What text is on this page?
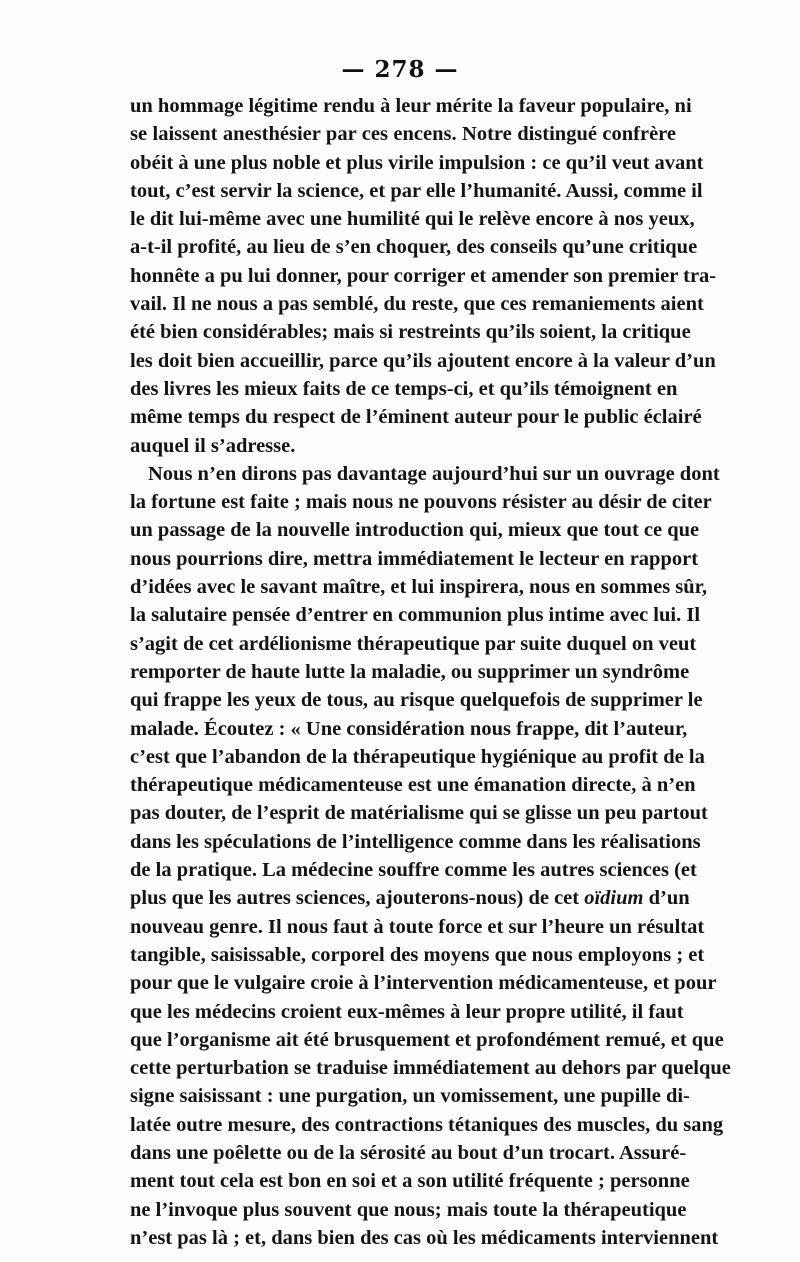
— 278 —
un hommage légitime rendu à leur mérite la faveur populaire, ni
se laissent anesthésier par ces encens. Notre distingué confrère
obéit à une plus noble et plus virile impulsion : ce qu’il veut avant
tout, c’est servir la science, et par elle l’humanité. Aussi, comme il
le dit lui-même avec une humilité qui le relève encore à nos yeux,
a-t-il profité, au lieu de s’en choquer, des conseils qu’une critique
honnête a pu lui donner, pour corriger et amender son premier tra-
vail. Il ne nous a pas semblé, du reste, que ces remaniements aient
été bien considérables; mais si restreints qu’ils soient, la critique
les doit bien accueillir, parce qu’ils ajoutent encore à la valeur d’un
des livres les mieux faits de ce temps-ci, et qu’ils témoignent en
même temps du respect de l’éminent auteur pour le public éclairé
auquel il s’adresse.
Nous n’en dirons pas davantage aujourd’hui sur un ouvrage dont
la fortune est faite ; mais nous ne pouvons résister au désir de citer
un passage de la nouvelle introduction qui, mieux que tout ce que
nous pourrions dire, mettra immédiatement le lecteur en rapport
d’idées avec le savant maître, et lui inspirera, nous en sommes sûr,
la salutaire pensée d’entrer en communion plus intime avec lui. Il
s’agit de cet ardélionisme thérapeutique par suite duquel on veut
remporter de haute lutte la maladie, ou supprimer un syndrôme
qui frappe les yeux de tous, au risque quelquefois de supprimer le
malade. Écoutez : « Une considération nous frappe, dit l’auteur,
c’est que l’abandon de la thérapeutique hygiénique au profit de la
thérapeutique médicamenteuse est une émanation directe, à n’en
pas douter, de l’esprit de matérialisme qui se glisse un peu partout
dans les spéculations de l’intelligence comme dans les réalisations
de la pratique. La médecine souffre comme les autres sciences (et
plus que les autres sciences, ajouterons-nous) de cet oïdium d’un
nouveau genre. Il nous faut à toute force et sur l’heure un résultat
tangible, saisissable, corporel des moyens que nous employons ; et
pour que le vulgaire croie à l’intervention médicamenteuse, et pour
que les médecins croient eux-mêmes à leur propre utilité, il faut
que l’organisme ait été brusquement et profondément remué, et que
cette perturbation se traduise immédiatement au dehors par quelque
signe saisissant : une purgation, un vomissement, une pupille di-
latée outre mesure, des contractions tétaniques des muscles, du sang
dans une poêlette ou de la sérosité au bout d’un trocart. Assuré-
ment tout cela est bon en soi et a son utilité fréquente ; personne
ne l’invoque plus souvent que nous; mais toute la thérapeutique
n’est pas là ; et, dans bien des cas où les médicaments interviennent
